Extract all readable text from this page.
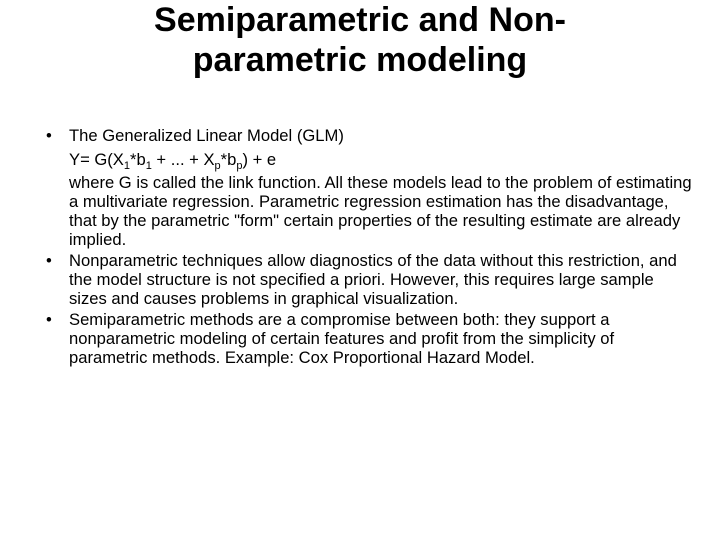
Semiparametric and Non-
parametric modeling
•	The Generalized Linear Model (GLM)
$Y= G(X_1*b_1$ + ... + $X_p*b_p) + e$
where G is called the link function. All these models lead to the problem of estimating a multivariate regression. Parametric regression estimation has the disadvantage, that by the parametric "form" certain properties of the resulting estimate are already implied.
•	Nonparametric techniques allow diagnostics of the data without this restriction, and the model structure is not specified a priori. However, this requires large sample sizes and causes problems in graphical visualization.
•	Semiparametric methods are a compromise between both: they support a nonparametric modeling of certain features and profit from the simplicity of parametric methods. Example: Cox Proportional Hazard Model.
